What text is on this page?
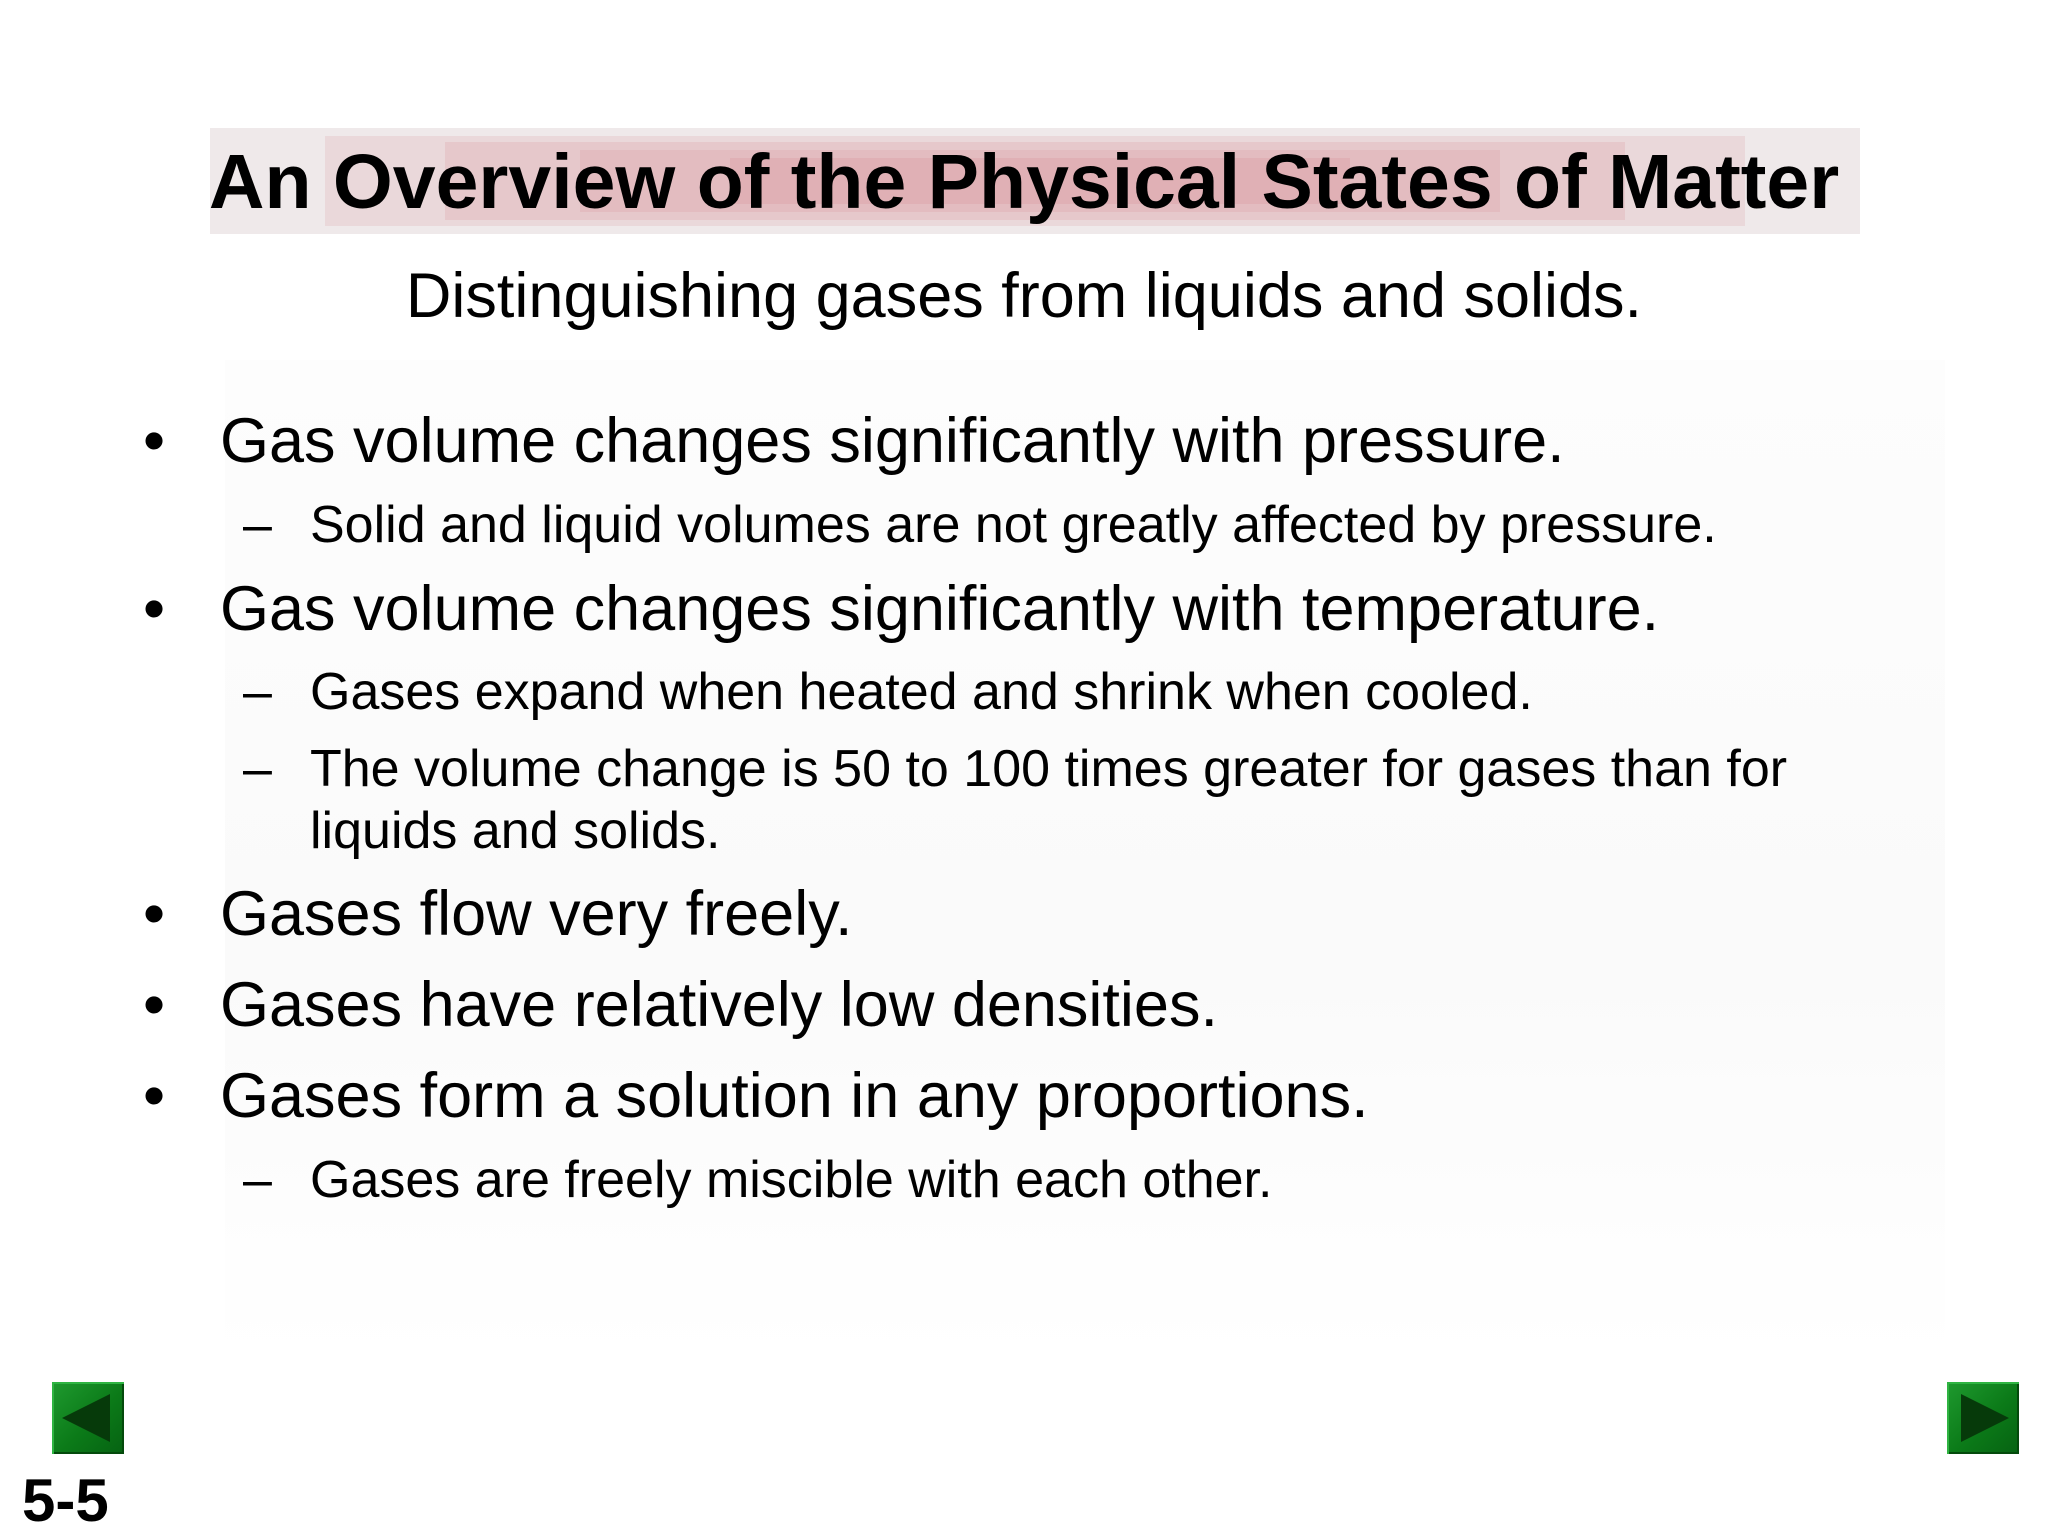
An Overview of the Physical States of Matter
Distinguishing gases from liquids and solids.
• Gas volume changes significantly with pressure.
– Solid and liquid volumes are not greatly affected by pressure.
• Gas volume changes significantly with temperature.
– Gases expand when heated and shrink when cooled.
– The volume change is 50 to 100 times greater for gases than for
liquids and solids.
• Gases flow very freely.
• Gases have relatively low densities.
• Gases form a solution in any proportions.
– Gases are freely miscible with each other.
5-5
